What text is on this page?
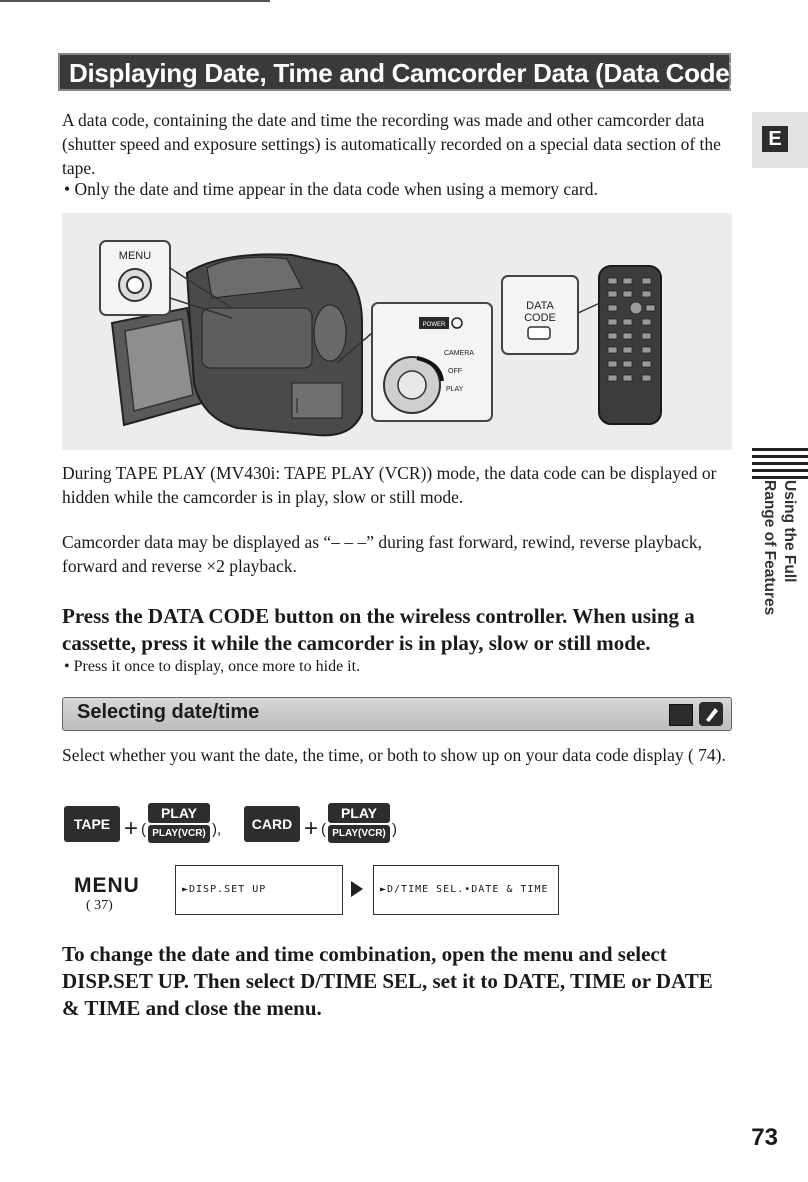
Displaying Date, Time and Camcorder Data (Data Code)
E
A data code, containing the date and time the recording was made and other camcorder data (shutter speed and exposure settings) is automatically recorded on a special data section of the tape.
• Only the date and time appear in the data code when using a memory card.
MENU
POWER
CAMERA
OFF
PLAY
DATA
CODE
During TAPE PLAY (MV430i: TAPE PLAY (VCR)) mode, the data code can be displayed or hidden while the camcorder is in play, slow or still mode.
Camcorder data may be displayed as “– – –” during fast forward, rewind, reverse playback, forward and reverse ×2 playback.	Using the Full
Range of Features
Press the DATA CODE button on the wireless controller. When using a cassette, press it while the camcorder is in play, slow or still mode.
• Press it once to display, once more to hide it.
Selecting date/time
Select whether you want the date, the time, or both to show up on your data code display ( 74).
TAPE + (
PLAY
PLAY(VCR) ),	CARD + (
PLAY
PLAY(VCR) )
MENU
( 37)
►DISP.SET UP	►D/TIME SEL.•DATE & TIME
To change the date and time combination, open the menu and select DISP.SET UP. Then select D/TIME SEL, set it to DATE, TIME or DATE & TIME and close the menu.
73
